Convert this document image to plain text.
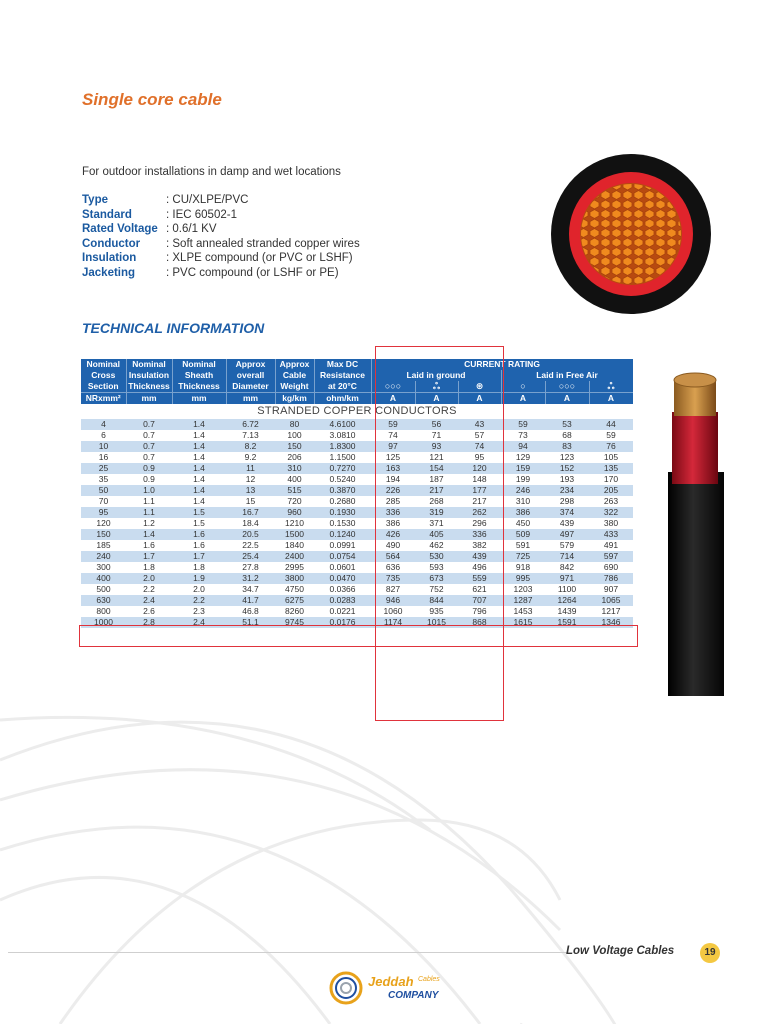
Single core cable
For outdoor installations in damp and wet locations
Type	: CU/XLPE/PVC
Standard	: IEC 60502-1
Rated Voltage : 0.6/1 KV
Conductor	: Soft annealed stranded copper wires
Insulation	: XLPE compound (or PVC or LSHF)
Jacketing	: PVC compound (or LSHF or PE)
TECHNICAL INFORMATION
Nominal	Nominal	Nominal	Approx	Approx	Max DC	CURRENT RATING					
Cross	Insulation	Sheath	overall	Cable	Resistance	Laid in ground			Laid in Free Air		
Section	Thickness	Thickness	Diameter	Weight	at 20°C	○○○	ஃ	⊛	○	○○○	ஃ
NRxmm²	mm	mm	mm	kg/km	ohm/km	A	A	A	A	A	A
STRANDED COPPER CONDUCTORS											
4	0.7	1.4	6.72	80	4.6100	59	56	43	59	53	44
6	0.7	1.4	7.13	100	3.0810	74	71	57	73	68	59
10	0.7	1.4	8.2	150	1.8300	97	93	74	94	83	76
16	0.7	1.4	9.2	206	1.1500	125	121	95	129	123	105
25	0.9	1.4	11	310	0.7270	163	154	120	159	152	135
35	0.9	1.4	12	400	0.5240	194	187	148	199	193	170
50	1.0	1.4	13	515	0.3870	226	217	177	246	234	205
70	1.1	1.4	15	720	0.2680	285	268	217	310	298	263
95	1.1	1.5	16.7	960	0.1930	336	319	262	386	374	322
120	1.2	1.5	18.4	1210	0.1530	386	371	296	450	439	380
150	1.4	1.6	20.5	1500	0.1240	426	405	336	509	497	433
185	1.6	1.6	22.5	1840	0.0991	490	462	382	591	579	491
240	1.7	1.7	25.4	2400	0.0754	564	530	439	725	714	597
300	1.8	1.8	27.8	2995	0.0601	636	593	496	918	842	690
400	2.0	1.9	31.2	3800	0.0470	735	673	559	995	971	786
500	2.2	2.0	34.7	4750	0.0366	827	752	621	1203	1100	907
630	2.4	2.2	41.7	6275	0.0283	946	844	707	1287	1264	1065
800	2.6	2.3	46.8	8260	0.0221	1060	935	796	1453	1439	1217
1000	2.8	2.4	51.1	9745	0.0176	1174	1015	868	1615	1591	1346
Low Voltage Cables	19
Jeddah Cables
COMPANY
